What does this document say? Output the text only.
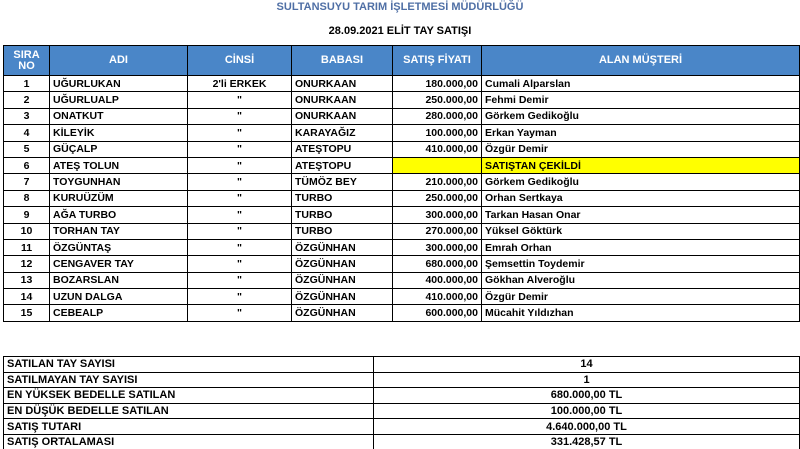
SULTANSUYU TARIM İŞLETMESİ MÜDÜRLÜĞÜ
28.09.2021 ELİT TAY SATIŞI
SIRA
NO	ADI	CİNSİ	BABASI	SATIŞ FİYATI	ALAN MÜŞTERİ
1	UĞURLUKAN	2'li ERKEK	ONURKAAN	180.000,00	Cumali Alparslan
2	UĞURLUALP	"	ONURKAAN	250.000,00	Fehmi Demir
3	ONATKUT	"	ONURKAAN	280.000,00	Görkem Gedikoğlu
4	KİLEYİK	"	KARAYAĞIZ	100.000,00	Erkan Yayman
5	GÜÇALP	"	ATEŞTOPU	410.000,00	Özgür Demir
6	ATEŞ TOLUN	"	ATEŞTOPU		SATIŞTAN ÇEKİLDİ
7	TOYGUNHAN	"	TÜMÖZ BEY	210.000,00	Görkem Gedikoğlu
8	KURUÜZÜM	"	TURBO	250.000,00	Orhan Sertkaya
9	AĞA TURBO	"	TURBO	300.000,00	Tarkan Hasan Onar
10	TORHAN TAY	"	TURBO	270.000,00	Yüksel Göktürk
11	ÖZGÜNTAŞ	"	ÖZGÜNHAN	300.000,00	Emrah Orhan
12	CENGAVER TAY	"	ÖZGÜNHAN	680.000,00	Şemsettin Toydemir
13	BOZARSLAN	"	ÖZGÜNHAN	400.000,00	Gökhan Alveroğlu
14	UZUN DALGA	"	ÖZGÜNHAN	410.000,00	Özgür Demir
15	CEBEALP	"	ÖZGÜNHAN	600.000,00	Mücahit Yıldızhan
SATILAN TAY SAYISI	14
SATILMAYAN TAY SAYISI	1
EN YÜKSEK BEDELLE SATILAN	680.000,00 TL
EN DÜŞÜK BEDELLE SATILAN	100.000,00 TL
SATIŞ TUTARI	4.640.000,00 TL
SATIŞ ORTALAMASI	331.428,57 TL
